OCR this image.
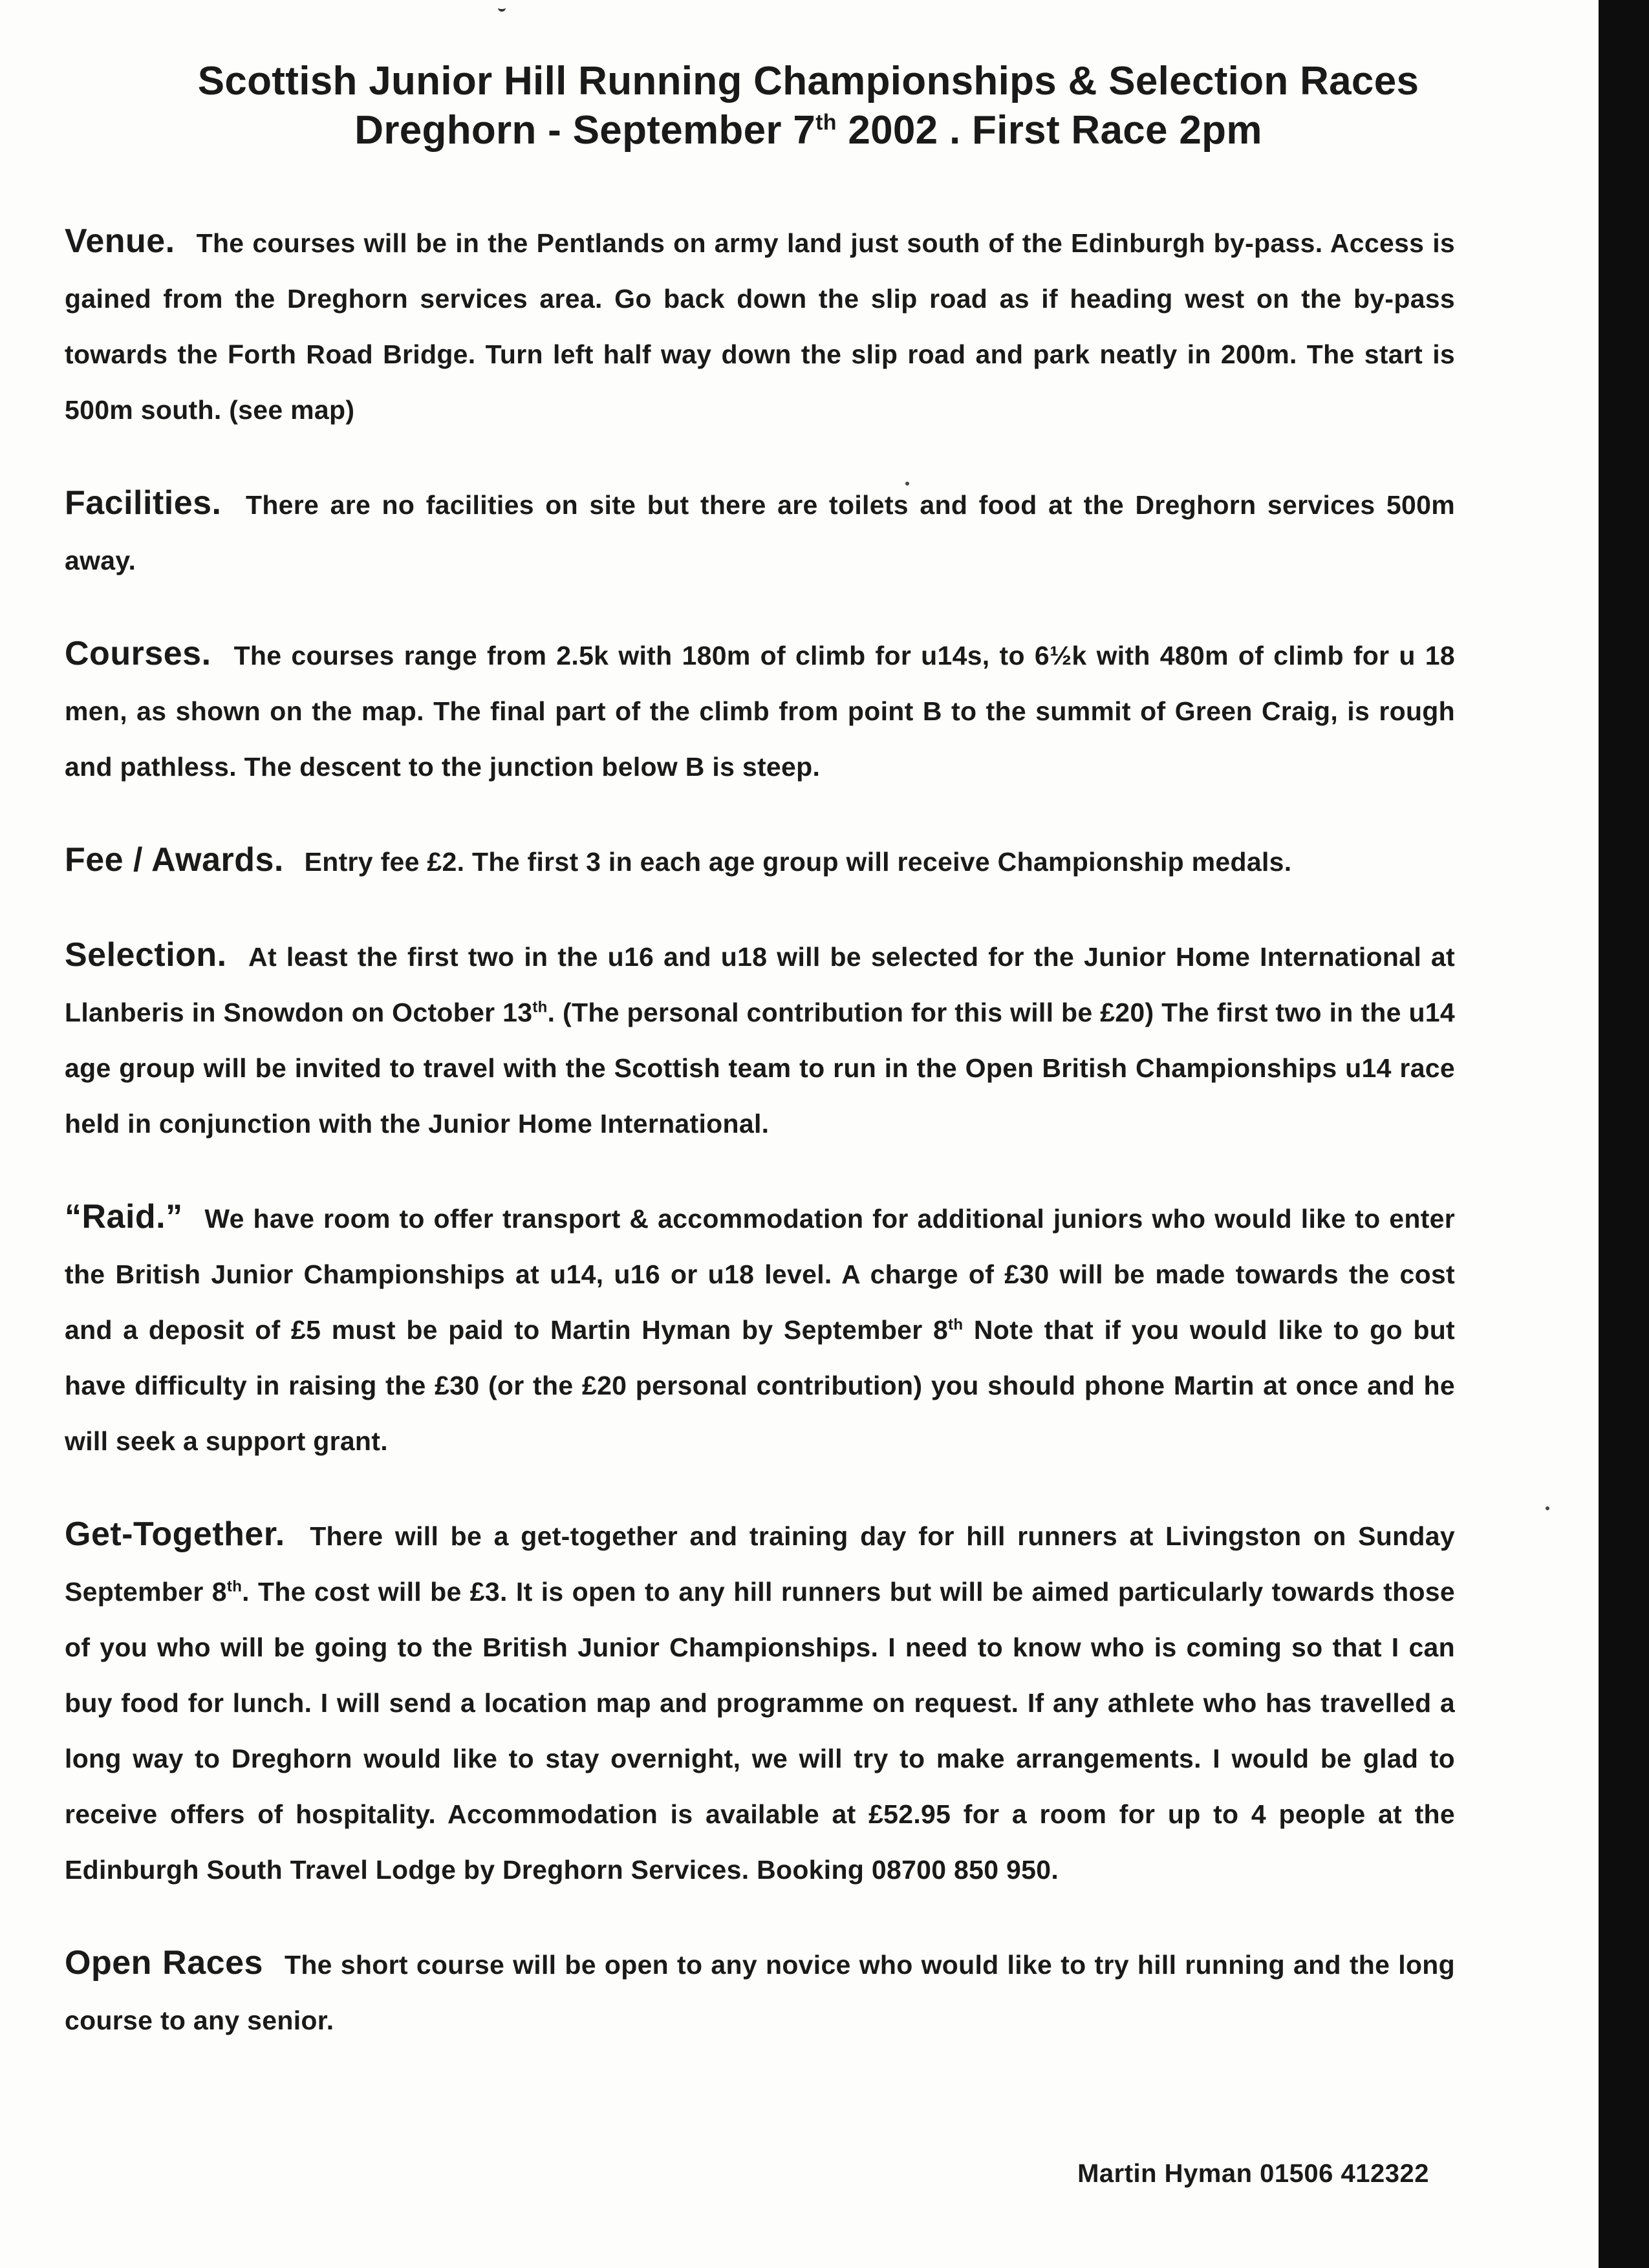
Scottish Junior Hill Running Championships & Selection Races
Dreghorn - September 7th 2002 . First Race 2pm
Venue. The courses will be in the Pentlands on army land just south of the Edinburgh by-pass. Access is gained from the Dreghorn services area. Go back down the slip road as if heading west on the by-pass towards the Forth Road Bridge. Turn left half way down the slip road and park neatly in 200m. The start is 500m south. (see map)
Facilities. There are no facilities on site but there are toilets and food at the Dreghorn services 500m away.
Courses. The courses range from 2.5k with 180m of climb for u14s, to 6½k with 480m of climb for u 18 men, as shown on the map. The final part of the climb from point B to the summit of Green Craig, is rough and pathless. The descent to the junction below B is steep.
Fee / Awards. Entry fee £2. The first 3 in each age group will receive Championship medals.
Selection. At least the first two in the u16 and u18 will be selected for the Junior Home International at Llanberis in Snowdon on October 13th. (The personal contribution for this will be £20) The first two in the u14 age group will be invited to travel with the Scottish team to run in the Open British Championships u14 race held in conjunction with the Junior Home International.
“Raid.” We have room to offer transport & accommodation for additional juniors who would like to enter the British Junior Championships at u14, u16 or u18 level. A charge of £30 will be made towards the cost and a deposit of £5 must be paid to Martin Hyman by September 8th Note that if you would like to go but have difficulty in raising the £30 (or the £20 personal contribution) you should phone Martin at once and he will seek a support grant.
Get-Together. There will be a get-together and training day for hill runners at Livingston on Sunday September 8th. The cost will be £3. It is open to any hill runners but will be aimed particularly towards those of you who will be going to the British Junior Championships. I need to know who is coming so that I can buy food for lunch. I will send a location map and programme on request. If any athlete who has travelled a long way to Dreghorn would like to stay overnight, we will try to make arrangements. I would be glad to receive offers of hospitality. Accommodation is available at £52.95 for a room for up to 4 people at the Edinburgh South Travel Lodge by Dreghorn Services. Booking 08700 850 950.
Open Races The short course will be open to any novice who would like to try hill running and the long course to any senior.
Martin Hyman 01506 412322
